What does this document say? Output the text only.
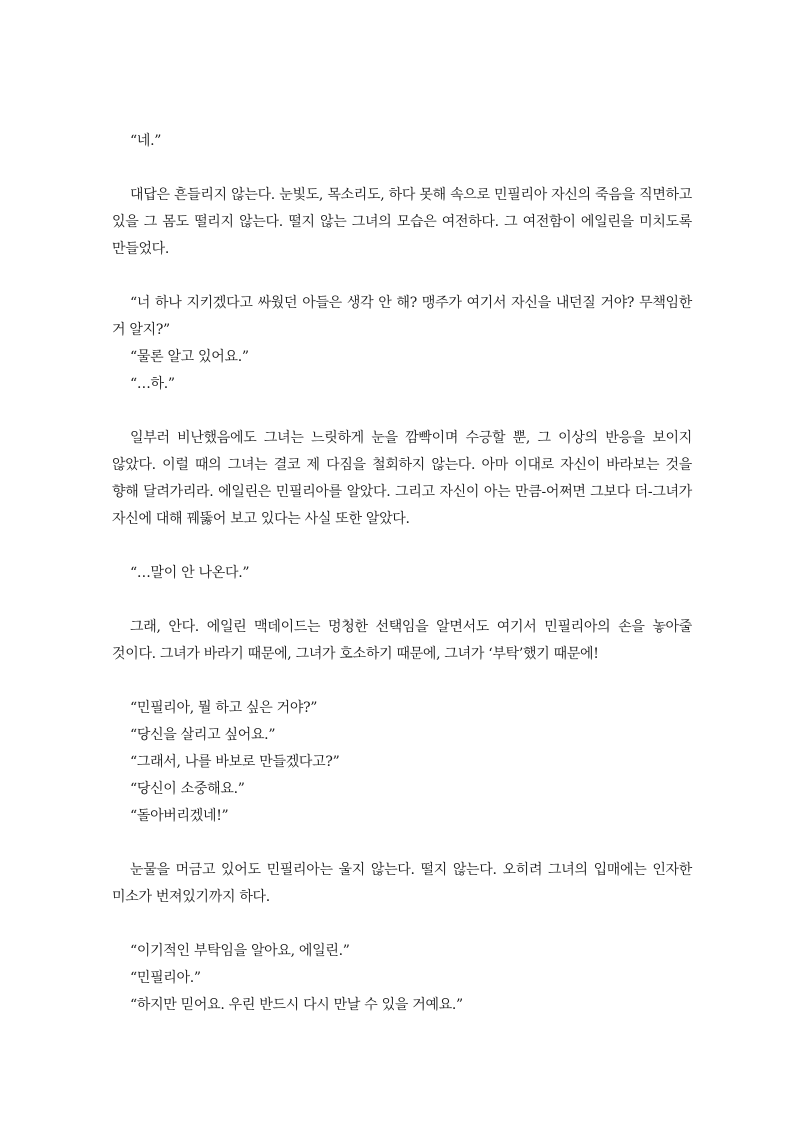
“네.”

대답은 흔들리지 않는다. 눈빛도, 목소리도, 하다 못해 속으로 민필리아 자신의 죽음을 직면하고 있을 그 몸도 떨리지 않는다. 떨지 않는 그녀의 모습은 여전하다. 그 여전함이 에일린을 미치도록 만들었다.

“너 하나 지키겠다고 싸웠던 아들은 생각 안 해? 맹주가 여기서 자신을 내던질 거야? 무책임한 거 알지?”

“물론 알고 있어요.”

“…하.”

일부러 비난했음에도 그녀는 느릿하게 눈을 깜빡이며 수긍할 뿐, 그 이상의 반응을 보이지 않았다. 이럴 때의 그녀는 결코 제 다짐을 철회하지 않는다. 아마 이대로 자신이 바라보는 것을 향해 달려가리라. 에일린은 민필리아를 알았다. 그리고 자신이 아는 만큼-어쩌면 그보다 더-그녀가 자신에 대해 꿰뚫어 보고 있다는 사실 또한 알았다.

“…말이 안 나온다.”

그래, 안다. 에일린 맥데이드는 멍청한 선택임을 알면서도 여기서 민필리아의 손을 놓아줄 것이다. 그녀가 바라기 때문에, 그녀가 호소하기 때문에, 그녀가 ‘부탁’했기 때문에!

“민필리아, 뭘 하고 싶은 거야?”

“당신을 살리고 싶어요.”

“그래서, 나를 바보로 만들겠다고?”

“당신이 소중해요.”

“돌아버리겠네!”

눈물을 머금고 있어도 민필리아는 울지 않는다. 떨지 않는다. 오히려 그녀의 입매에는 인자한 미소가 번져있기까지 하다.

“이기적인 부탁임을 알아요, 에일린.”

“민필리아.”

“하지만 믿어요. 우린 반드시 다시 만날 수 있을 거예요.”
